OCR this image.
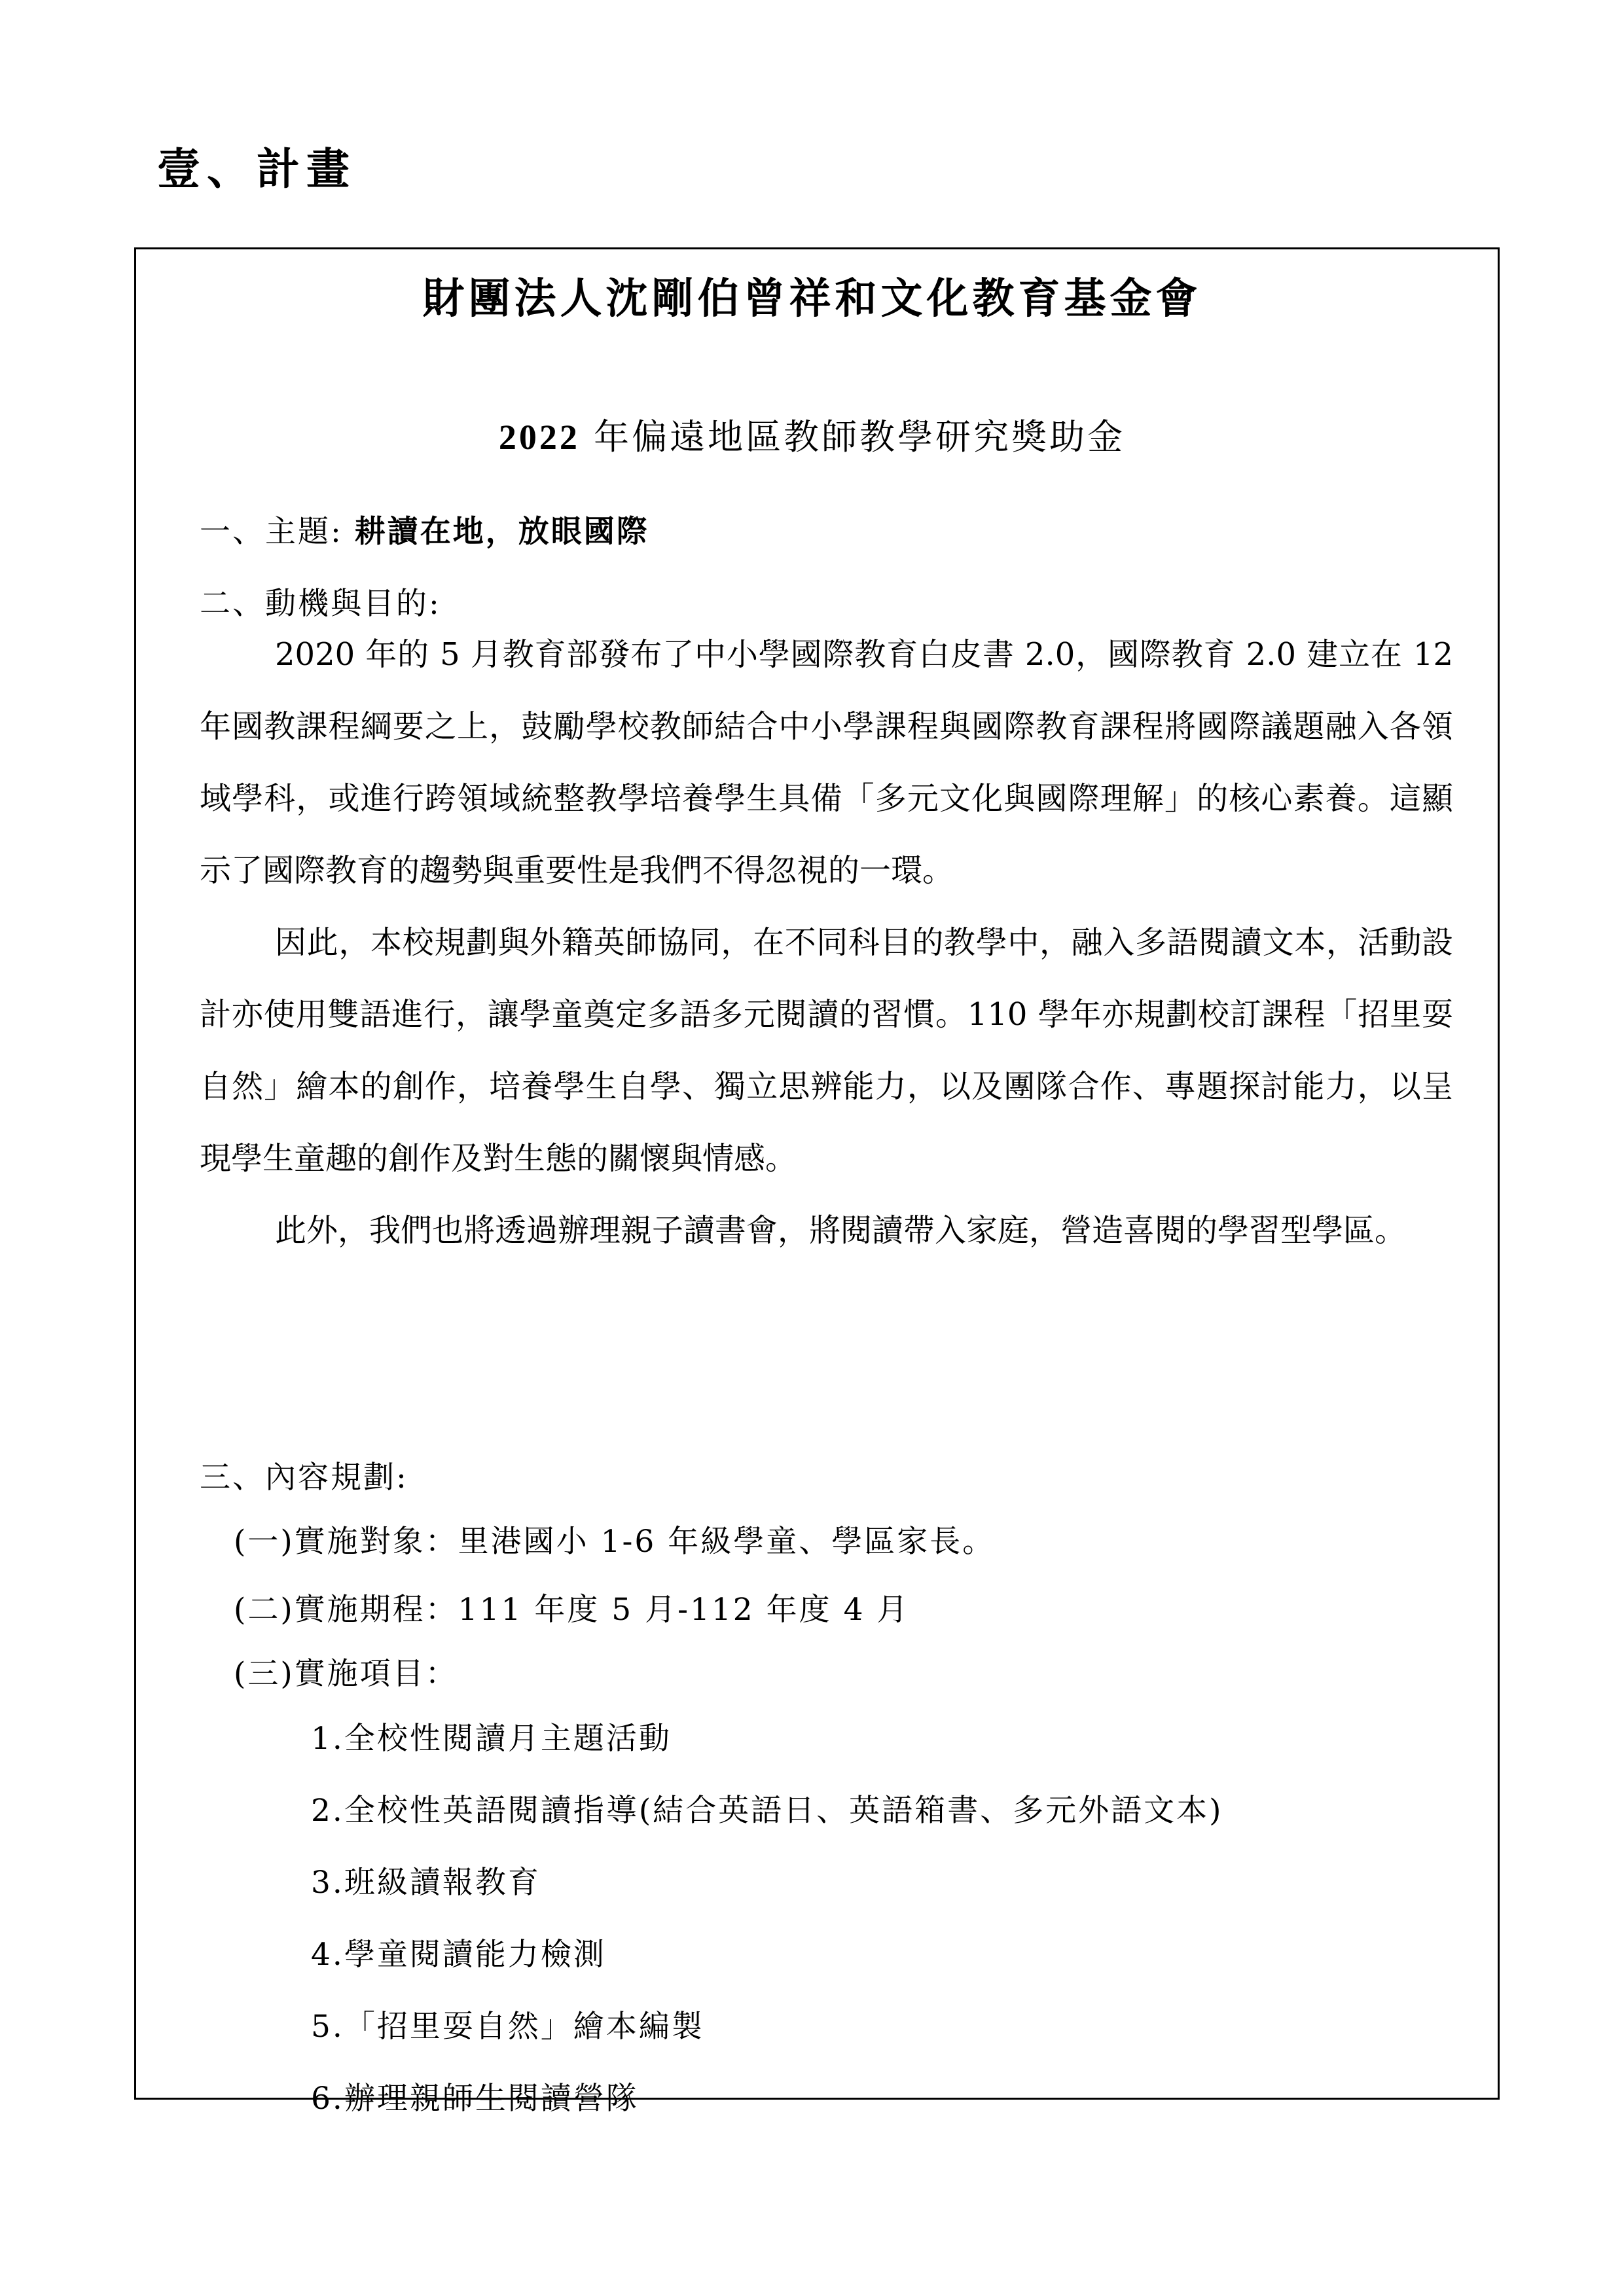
壹、計畫
財團法人沈剛伯曾祥和文化教育基金會
2022 年偏遠地區教師教學研究獎助金
一、主題: 耕讀在地，放眼國際
二、動機與目的:

2020 年的 5 月教育部發布了中小學國際教育白皮書 2.0，國際教育 2.0 建立在 12 年國教課程綱要之上，鼓勵學校教師結合中小學課程與國際教育課程將國際議題融入各領域學科，或進行跨領域統整教學培養學生具備「多元文化與國際理解」的核心素養。這顯示了國際教育的趨勢與重要性是我們不得忽視的一環。

因此，本校規劃與外籍英師協同，在不同科目的教學中，融入多語閱讀文本，活動設計亦使用雙語進行，讓學童奠定多語多元閱讀的習慣。110 學年亦規劃校訂課程「招里耍自然」繪本的創作，培養學生自學、獨立思辨能力，以及團隊合作、專題探討能力，以呈現學生童趣的創作及對生態的關懷與情感。

此外，我們也將透過辦理親子讀書會，將閱讀帶入家庭，營造喜閱的學習型學區。

三、內容規劃:
(一)實施對象：里港國小 1-6 年級學童、學區家長。
(二)實施期程：111 年度 5 月-112 年度 4 月
(三)實施項目：
1.全校性閱讀月主題活動
2.全校性英語閱讀指導(結合英語日、英語箱書、多元外語文本)
3.班級讀報教育
4.學童閱讀能力檢測
5.「招里耍自然」繪本編製
6.辦理親師生閱讀營隊
